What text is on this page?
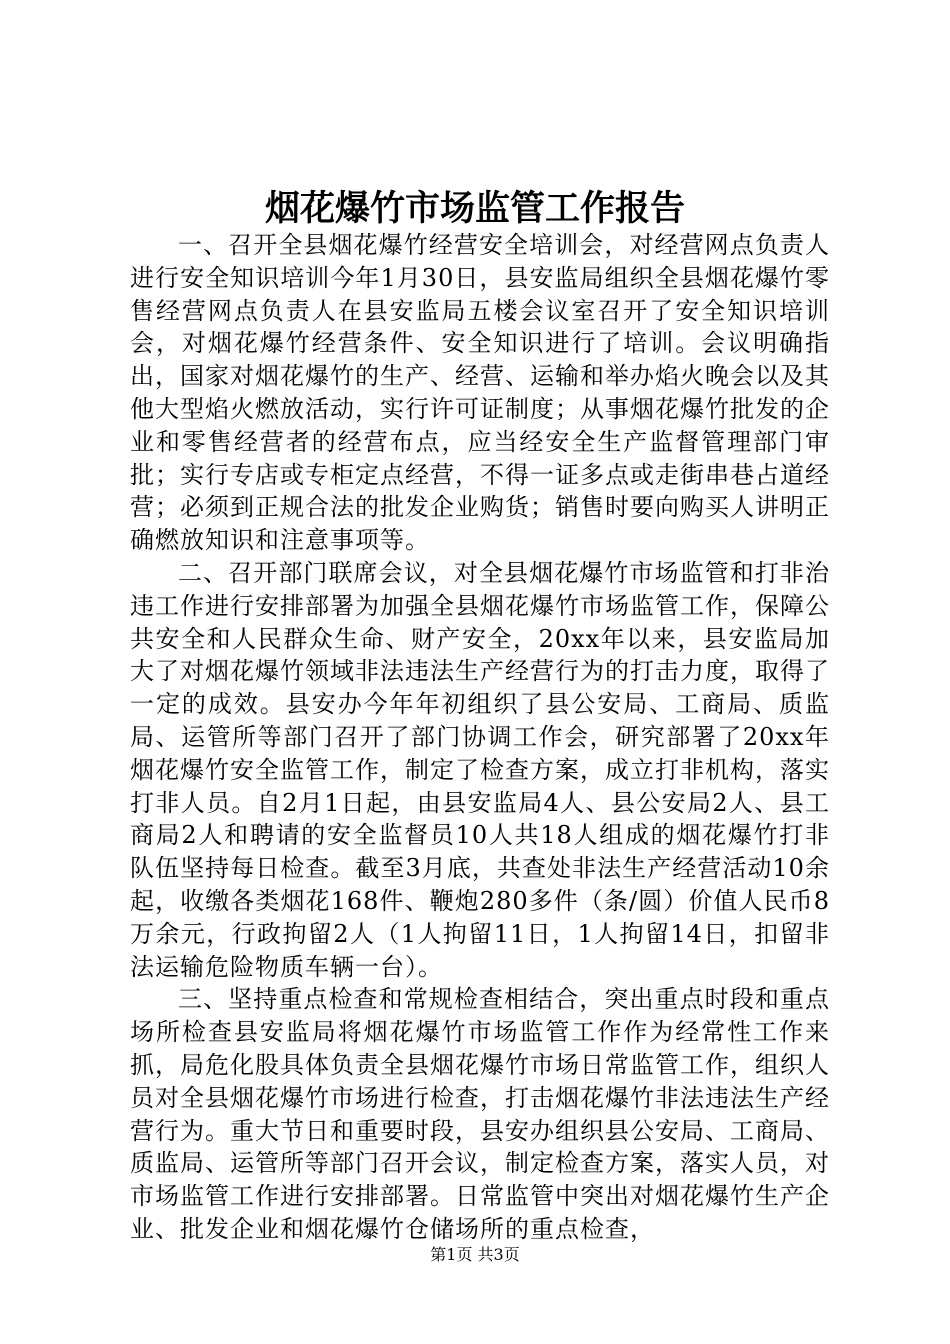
烟花爆竹市场监管工作报告

一、召开全县烟花爆竹经营安全培训会，对经营网点负责人进行安全知识培训今年1月30日，县安监局组织全县烟花爆竹零售经营网点负责人在县安监局五楼会议室召开了安全知识培训会，对烟花爆竹经营条件、安全知识进行了培训。会议明确指出，国家对烟花爆竹的生产、经营、运输和举办焰火晚会以及其他大型焰火燃放活动，实行许可证制度；从事烟花爆竹批发的企业和零售经营者的经营布点，应当经安全生产监督管理部门审批；实行专店或专柜定点经营，不得一证多点或走街串巷占道经营；必须到正规合法的批发企业购货；销售时要向购买人讲明正确燃放知识和注意事项等。

二、召开部门联席会议，对全县烟花爆竹市场监管和打非治违工作进行安排部署为加强全县烟花爆竹市场监管工作，保障公共安全和人民群众生命、财产安全，20xx年以来，县安监局加大了对烟花爆竹领域非法违法生产经营行为的打击力度，取得了一定的成效。县安办今年年初组织了县公安局、工商局、质监局、运管所等部门召开了部门协调工作会，研究部署了20xx年烟花爆竹安全监管工作，制定了检查方案，成立打非机构，落实打非人员。自2月1日起，由县安监局4人、县公安局2人、县工商局2人和聘请的安全监督员10人共18人组成的烟花爆竹打非队伍坚持每日检查。截至3月底，共查处非法生产经营活动10余起，收缴各类烟花168件、鞭炮280多件（条/圆）价值人民币8万余元，行政拘留2人（1人拘留11日，1人拘留14日，扣留非法运输危险物质车辆一台）。

三、坚持重点检查和常规检查相结合，突出重点时段和重点场所检查县安监局将烟花爆竹市场监管工作作为经常性工作来抓，局危化股具体负责全县烟花爆竹市场日常监管工作，组织人员对全县烟花爆竹市场进行检查，打击烟花爆竹非法违法生产经营行为。重大节日和重要时段，县安办组织县公安局、工商局、质监局、运管所等部门召开会议，制定检查方案，落实人员，对市场监管工作进行安排部署。日常监管中突出对烟花爆竹生产企业、批发企业和烟花爆竹仓储场所的重点检查，

第1页 共3页
